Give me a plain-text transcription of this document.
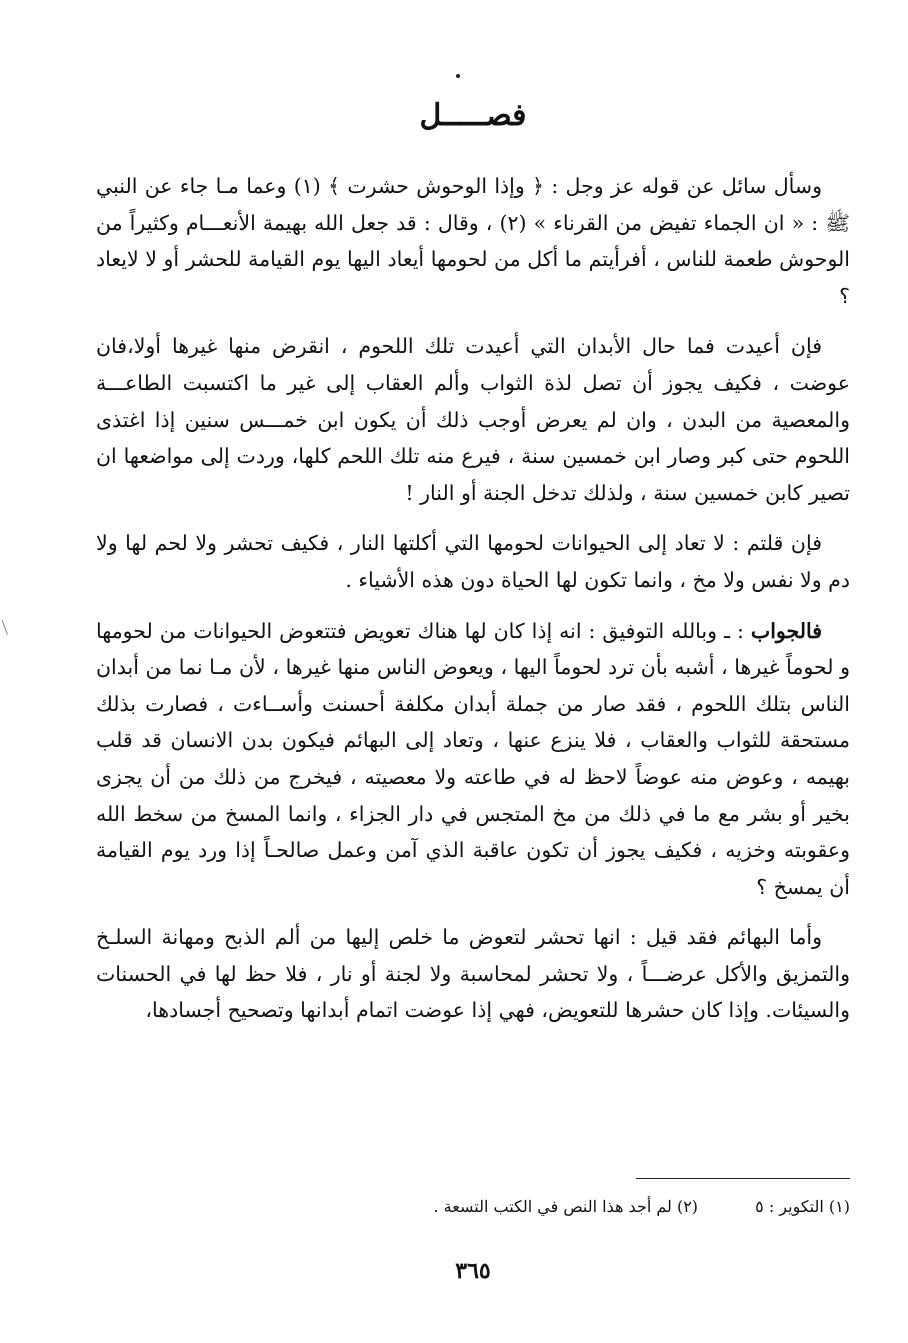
فصـــــل

وسأل سائل عن قوله عز وجل : ﴿ وإذا الوحوش حشرت ﴾ (١) وعما مـا جاء عن النبي ﷺ : « ان الجماء تفيض من القرناء » (٢) ، وقال : قد جعل الله بهيمة الأنعـــام وكثيراً من الوحوش طعمة للناس ، أفرأيتم ما أكل من لحومها أيعاد اليها يوم القيامة للحشر أو لا لايعاد ؟

فإن أعيدت فما حال الأبدان التي أعيدت تلك اللحوم ، انقرض منها غيرها أولا،فان عوضت ، فكيف يجوز أن تصل لذة الثواب وألم العقاب إلى غير ما اكتسبت الطاعـــة والمعصية من البدن ، وان لم يعرض أوجب ذلك أن يكون ابن خمـــس سنين إذا اغتذى اللحوم حتى كبر وصار ابن خمسين سنة ، فيرع منه تلك اللحم كلها، وردت إلى مواضعها ان تصير كابن خمسين سنة ، ولذلك تدخل الجنة أو النار !

فإن قلتم : لا تعاد إلى الحيوانات لحومها التي أكلتها النار ، فكيف تحشر ولا لحم لها ولا دم ولا نفس ولا مخ ، وانما تكون لها الحياة دون هذه الأشياء .

فالجواب : ـ وبالله التوفيق : انه إذا كان لها هناك تعويض فتتعوض الحيوانات من لحومها و لحوماً غيرها ، أشبه بأن ترد لحوماً اليها ، ويعوض الناس منها غيرها ، لأن مـا نما من أبدان الناس بتلك اللحوم ، فقد صار من جملة أبدان مكلفة أحسنت وأســاءت ، فصارت بذلك مستحقة للثواب والعقاب ، فلا ينزع عنها ، وتعاد إلى البهائم فيكون بدن الانسان قد قلب بهيمه ، وعوض منه عوضاً لاحظ له في طاعته ولا معصيته ، فيخرج من ذلك من أن يجزى بخير أو بشر مع ما في ذلك من مخ المتجس في دار الجزاء ، وانما المسخ من سخط الله وعقوبته وخزيه ، فكيف يجوز أن تكون عاقبة الذي آمن وعمل صالحـاً إذا ورد يوم القيامة أن يمسخ ؟

وأما البهائم فقد قيل : انها تحشر لتعوض ما خلص إليها من ألم الذبح ومهانة السلـخ والتمزيق والأكل عرضـــاً ، ولا تحشر لمحاسبة ولا لجنة أو نار ، فلا حظ لها في الحسنات والسيئات. وإذا كان حشرها للتعويض، فهي إذا عوضت اتمام أبدانها وتصحيح أجسادها،

(١) التكوير : ٥ (٢) لم أجد هذا النص في الكتب التسعة .
٣٦٥
